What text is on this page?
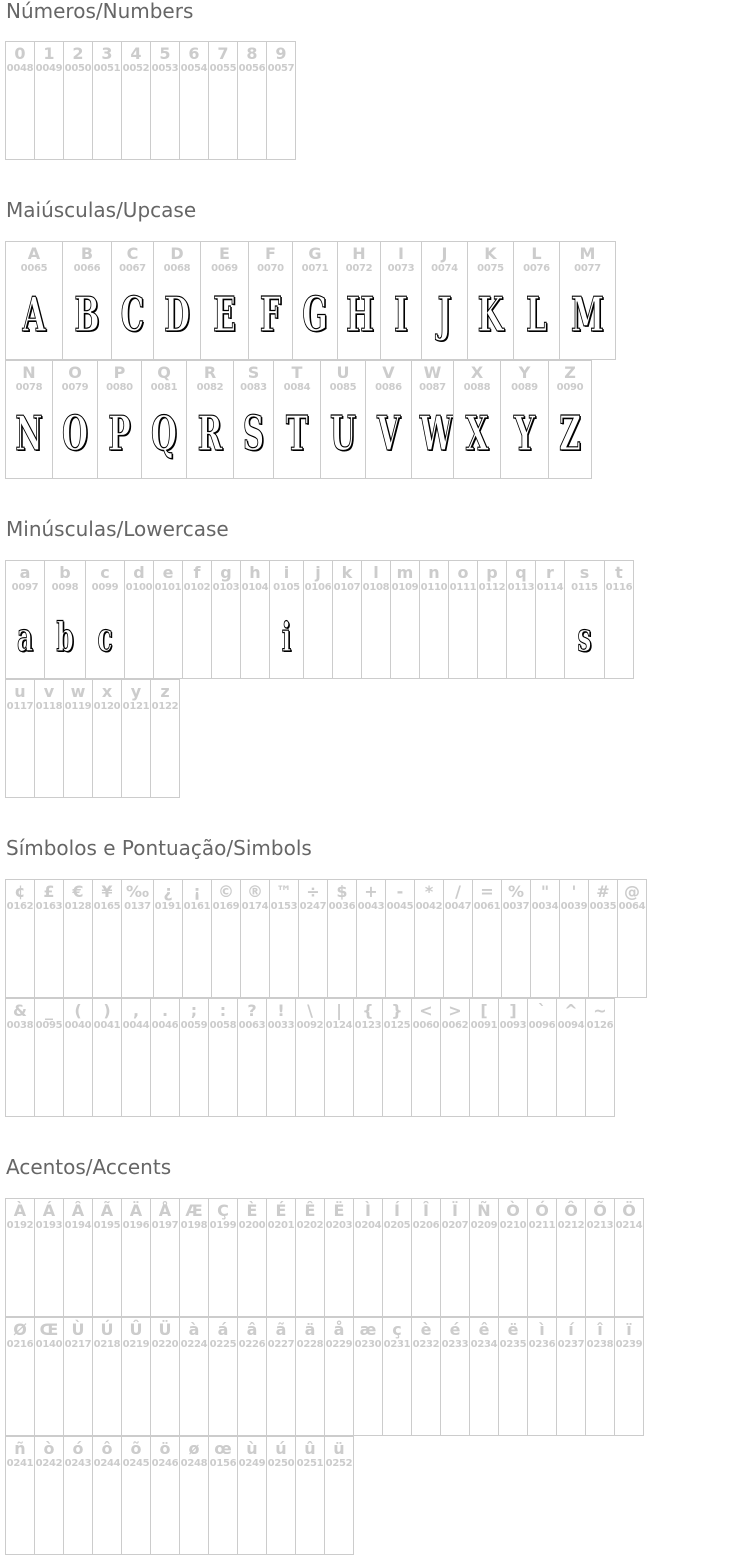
Números/Numbers
0
0048
1
0049
2
0050
3
0051
4
0052
5
0053
6
0054
7
0055
8
0056
9
0057
Maiúsculas/Upcase
A
0065
A
B
0066
B
C
0067
C
D
0068
D
E
0069
E
F
0070
F
G
0071
G
H
0072
H
I
0073
I
J
0074
J
K
0075
K
L
0076
L
M
0077
M
N
0078
N
O
0079
O
P
0080
P
Q
0081
Q
R
0082
R
S
0083
S
T
0084
T
U
0085
U
V
0086
V
W
0087
W
X
0088
X
Y
0089
Y
Z
0090
Z
Minúsculas/Lowercase
a
0097
a
b
0098
b
c
0099
c
d
0100
e
0101
f
0102
g
0103
h
0104
i
0105
i
j
0106
k
0107
l
0108
m
0109
n
0110
o
0111
p
0112
q
0113
r
0114
s
0115
s
t
0116
u
0117
v
0118
w
0119
x
0120
y
0121
z
0122
Símbolos e Pontuação/Simbols
¢
0162
£
0163
€
0128
¥
0165
‰
0137
¿
0191
¡
0161
©
0169
®
0174
™
0153
÷
0247
$
0036
+
0043
-
0045
*
0042
/
0047
=
0061
%
0037
"
0034
'
0039
#
0035
@
0064
&
0038
_
0095
(
0040
)
0041
,
0044
.
0046
;
0059
:
0058
?
0063
!
0033
\
0092
|
0124
{
0123
}
0125
<
0060
>
0062
[
0091
]
0093
`
0096
^
0094
~
0126
Acentos/Accents
À
0192
Á
0193
Â
0194
Ã
0195
Ä
0196
Å
0197
Æ
0198
Ç
0199
È
0200
É
0201
Ê
0202
Ë
0203
Ì
0204
Í
0205
Î
0206
Ï
0207
Ñ
0209
Ò
0210
Ó
0211
Ô
0212
Õ
0213
Ö
0214
Ø
0216
Œ
0140
Ù
0217
Ú
0218
Û
0219
Ü
0220
à
0224
á
0225
â
0226
ã
0227
ä
0228
å
0229
æ
0230
ç
0231
è
0232
é
0233
ê
0234
ë
0235
ì
0236
í
0237
î
0238
ï
0239
ñ
0241
ò
0242
ó
0243
ô
0244
õ
0245
ö
0246
ø
0248
œ
0156
ù
0249
ú
0250
û
0251
ü
0252
